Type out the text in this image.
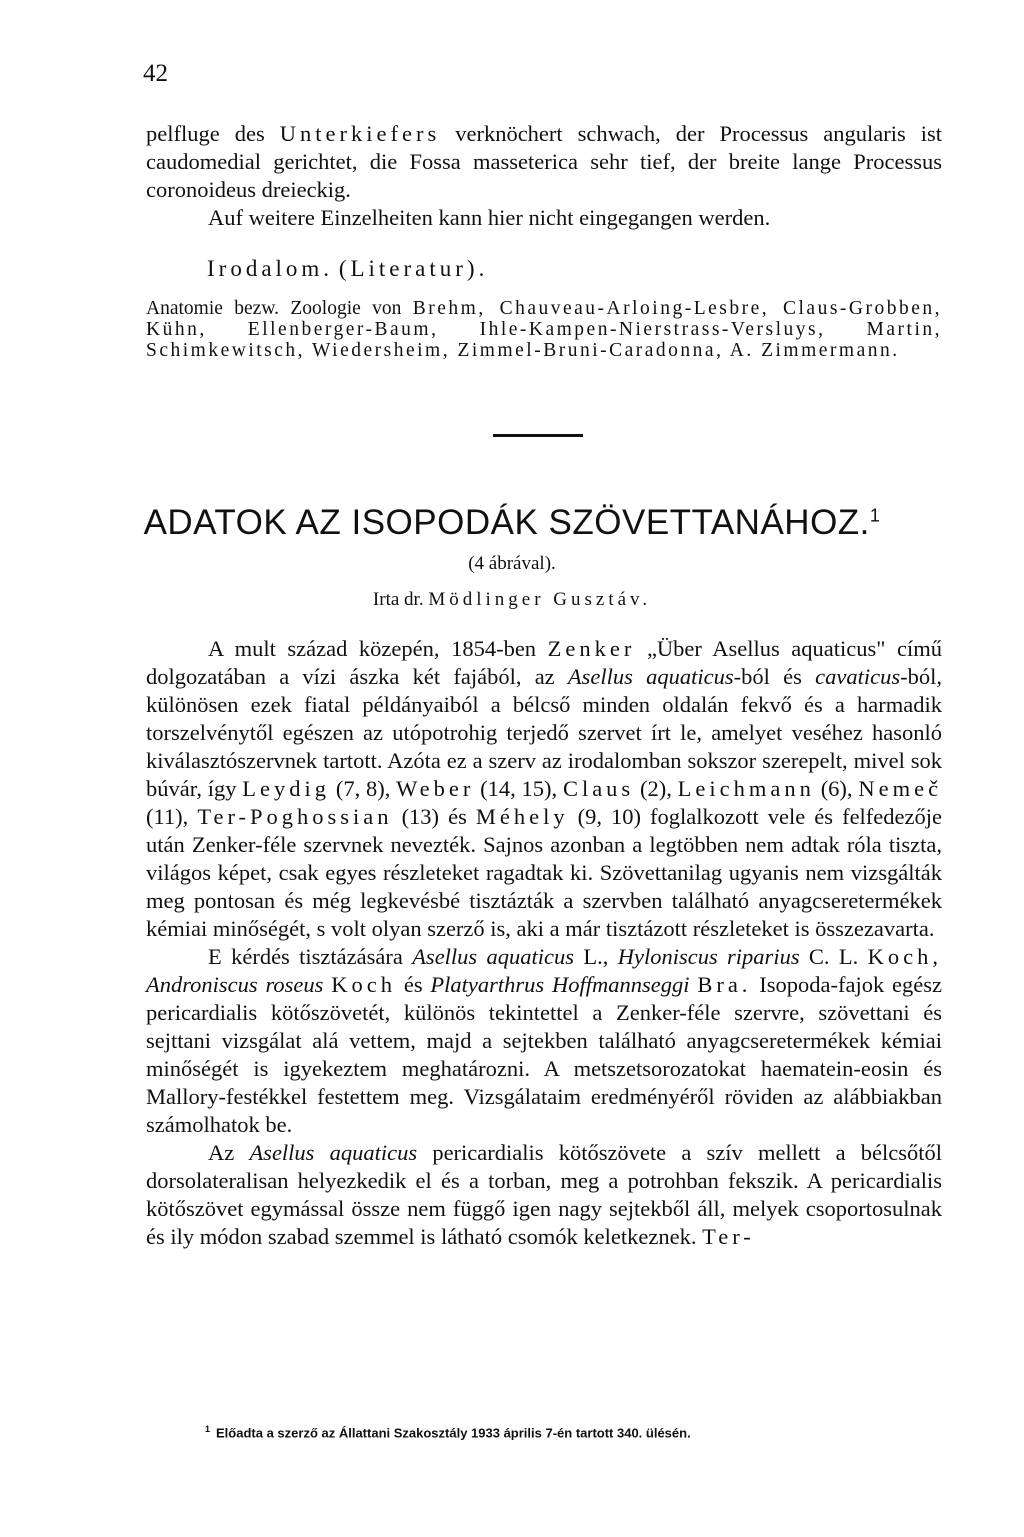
42

pelfluge des Unterkiefers verknöchert schwach, der Processus angularis ist caudomedial gerichtet, die Fossa masseterica sehr tief, der breite lange Processus coronoideus dreieckig.

Auf weitere Einzelheiten kann hier nicht eingegangen werden.

Irodalom. (Literatur).
Anatomie bezw. Zoologie von Brehm, Chauveau-Arloing-Lesbre, Claus-Grobben, Kühn, Ellenberger-Baum, Ihle-Kampen-Nierstrass-Versluys, Martin, Schimkewitsch, Wiedersheim, Zimmel-Bruni-Caradonna, A. Zimmermann.
ADATOK AZ ISOPODÁK SZÖVETTANÁHOZ.$^1$
(4 ábrával).
Irta dr. Mödlinger Gusztáv.

A mult század közepén, 1854-ben Zenker „Über Asellus aquaticus" című dolgozatában a vízi ászka két fajából, az Asellus aquaticus-ból és cavaticus-ból, különösen ezek fiatal példányaiból a bélcső minden oldalán fekvő és a harmadik torszelvénytől egészen az utópotrohig terjedő szervet írt le, amelyet veséhez hasonló kiválasztószervnek tartott. Azóta ez a szerv az irodalomban sokszor szerepelt, mivel sok búvár, így Leydig (7, 8), Weber (14, 15), Claus (2), Leichmann (6), Nemeč (11), Ter-Poghossian (13) és Méhely (9, 10) foglalkozott vele és felfedezője után Zenker-féle szervnek nevezték. Sajnos azonban a legtöbben nem adtak róla tiszta, világos képet, csak egyes részleteket ragadtak ki. Szövettanilag ugyanis nem vizsgálták meg pontosan és még legkevésbé tisztázták a szervben található anyagcseretermékek kémiai minőségét, s volt olyan szerző is, aki a már tisztázott részleteket is összezavarta.

E kérdés tisztázására Asellus aquaticus L., Hyloniscus riparius C. L. Koch, Androniscus roseus Koch és Platyarthrus Hoffmannseggi Bra. Isopoda-fajok egész pericardialis kötőszövetét, különös tekintettel a Zenker-féle szervre, szövettani és sejttani vizsgálat alá vettem, majd a sejtekben található anyagcseretermékek kémiai minőségét is igyekeztem meghatározni. A metszetsorozatokat haematein-eosin és Mallory-festékkel festettem meg. Vizsgálataim eredményéről röviden az alábbiakban számolhatok be.

Az Asellus aquaticus pericardialis kötőszövete a szív mellett a bélcsőtől dorsolateralisan helyezkedik el és a torban, meg a potrohban fekszik. A pericardialis kötőszövet egymással össze nem függő igen nagy sejtekből áll, melyek csoportosulnak és ily módon szabad szemmel is látható csomók keletkeznek. Ter-

$^1$ Előadta a szerző az Állattani Szakosztály 1933 április 7-én tartott 340. ülésén.
